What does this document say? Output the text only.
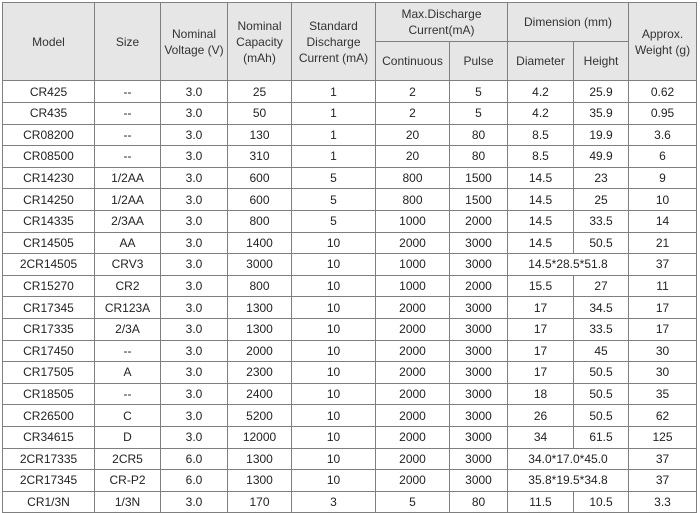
Model	Size	Nominal Voltage (V)	Nominal Capacity (mAh)	Standard Discharge Current (mA)	Max.Discharge Current(mA)		Dimension (mm)		Approx. Weight (g)
					Continuous	Pulse	Diameter	Height	
CR425	--	3.0	25	1	2	5	4.2	25.9	0.62
CR435	--	3.0	50	1	2	5	4.2	35.9	0.95
CR08200	--	3.0	130	1	20	80	8.5	19.9	3.6
CR08500	--	3.0	310	1	20	80	8.5	49.9	6
CR14230	1/2AA	3.0	600	5	800	1500	14.5	23	9
CR14250	1/2AA	3.0	600	5	800	1500	14.5	25	10
CR14335	2/3AA	3.0	800	5	1000	2000	14.5	33.5	14
CR14505	AA	3.0	1400	10	2000	3000	14.5	50.5	21
2CR14505	CRV3	3.0	3000	10	1000	3000	14.5*28.5*51.8		37
CR15270	CR2	3.0	800	10	1000	2000	15.5	27	11
CR17345	CR123A	3.0	1300	10	2000	3000	17	34.5	17
CR17335	2/3A	3.0	1300	10	2000	3000	17	33.5	17
CR17450	--	3.0	2000	10	2000	3000	17	45	30
CR17505	A	3.0	2300	10	2000	3000	17	50.5	30
CR18505	--	3.0	2400	10	2000	3000	18	50.5	35
CR26500	C	3.0	5200	10	2000	3000	26	50.5	62
CR34615	D	3.0	12000	10	2000	3000	34	61.5	125
2CR17335	2CR5	6.0	1300	10	2000	3000	34.0*17.0*45.0		37
2CR17345	CR-P2	6.0	1300	10	2000	3000	35.8*19.5*34.8		37
CR1/3N	1/3N	3.0	170	3	5	80	11.5	10.5	3.3
